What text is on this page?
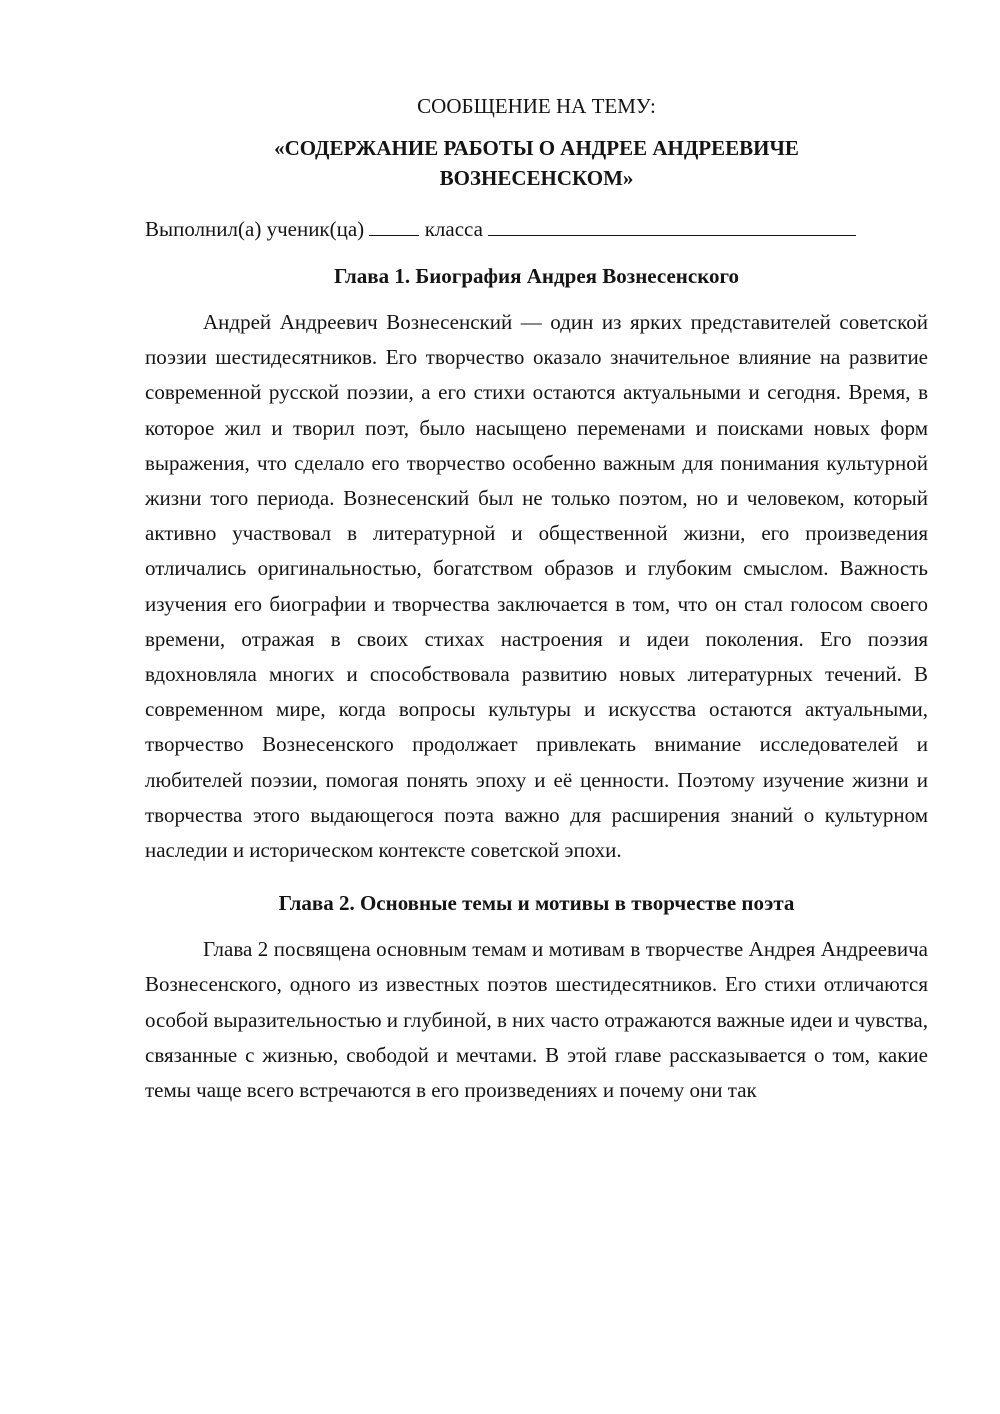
СООБЩЕНИЕ НА ТЕМУ:
«СОДЕРЖАНИЕ РАБОТЫ О АНДРЕЕ АНДРЕЕВИЧЕ ВОЗНЕСЕНСКОМ»
Выполнил(а) ученик(ца)	класса
Глава 1. Биография Андрея Вознесенского

Андрей Андреевич Вознесенский — один из ярких представителей советской поэзии шестидесятников. Его творчество оказало значительное влияние на развитие современной русской поэзии, а его стихи остаются актуальными и сегодня. Время, в которое жил и творил поэт, было насыщено переменами и поисками новых форм выражения, что сделало его творчество особенно важным для понимания культурной жизни того периода. Вознесенский был не только поэтом, но и человеком, который активно участвовал в литературной и общественной жизни, его произведения отличались оригинальностью, богатством образов и глубоким смыслом. Важность изучения его биографии и творчества заключается в том, что он стал голосом своего времени, отражая в своих стихах настроения и идеи поколения. Его поэзия вдохновляла многих и способствовала развитию новых литературных течений. В современном мире, когда вопросы культуры и искусства остаются актуальными, творчество Вознесенского продолжает привлекать внимание исследователей и любителей поэзии, помогая понять эпоху и её ценности. Поэтому изучение жизни и творчества этого выдающегося поэта важно для расширения знаний о культурном наследии и историческом контексте советской эпохи.

Глава 2. Основные темы и мотивы в творчестве поэта

Глава 2 посвящена основным темам и мотивам в творчестве Андрея Андреевича Вознесенского, одного из известных поэтов шестидесятников. Его стихи отличаются особой выразительностью и глубиной, в них часто отражаются важные идеи и чувства, связанные с жизнью, свободой и мечтами. В этой главе рассказывается о том, какие темы чаще всего встречаются в его произведениях и почему они так
